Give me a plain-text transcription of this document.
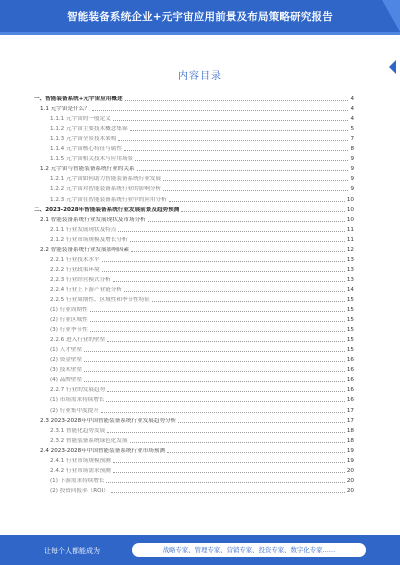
智能装备系统企业+元宇宙应用前景及布局策略研究报告
内容目录
一、智能装备系统+元宇宙应用概述	4
1.1 元宇宙是什么？	4
1.1.1 元宇宙的一般定义	4
1.1.2 元宇宙主要技术概念集锦	5
1.1.3 元宇宙全景技术架构	7
1.1.4 元宇宙核心特征与属性	8
1.1.5 元宇宙相关技术与应用场景	9
1.2 元宇宙与智能装备系统行业的关系	9
1.2.1 元宇宙如何助力智能装备系统行业发展	9
1.2.2 元宇宙对智能装备系统行业的影响分析	9
1.2.3 元宇宙在智能装备系统行业中的应用分析	10
二、2023-2028年智能装备系统行业发展前景及趋势预测	10
2.1 智能装备系统行业发展现状及市场分析	10
2.1.1 行业发展现状及特点	11
2.1.2 行业市场规模及增长分析	11
2.2 智能装备系统行业发展影响因素	12
2.2.1 行业技术水平	13
2.2.2 行业政策环境	13
2.2.3 行业经营模式分析	13
2.2.4 行业上下游产业链分析	14
2.2.5 行业周期性、区域性和季节性特征	15
(1) 行业周期性	15
(2) 行业区域性	15
(3) 行业季节性	15
2.2.6 进入行业的壁垒	15
(1) 人才壁垒	15
(2) 资金壁垒	16
(3) 技术壁垒	16
(4) 品牌壁垒	16
2.2.7 行业的发展趋势	16
(1) 市场需求持续增长	16
(2) 行业集中度提升	17
2.3 2023-2028年中国智能装备系统行业发展趋势分析	17
2.3.1 智能化趋势发展	18
2.3.2 智能装备系统绿色化发展	18
2.4 2023-2028年中国智能装备系统行业市场预测	19
2.4.1 行业市场规模预测	19
2.4.2 行业市场需求预测	20
(1) 下游需求持续增长	20
(2) 投资回报率（ROI）	20
让每个人都能成为	战略专家、管理专家、营销专家、投资专家、数字化专家……
